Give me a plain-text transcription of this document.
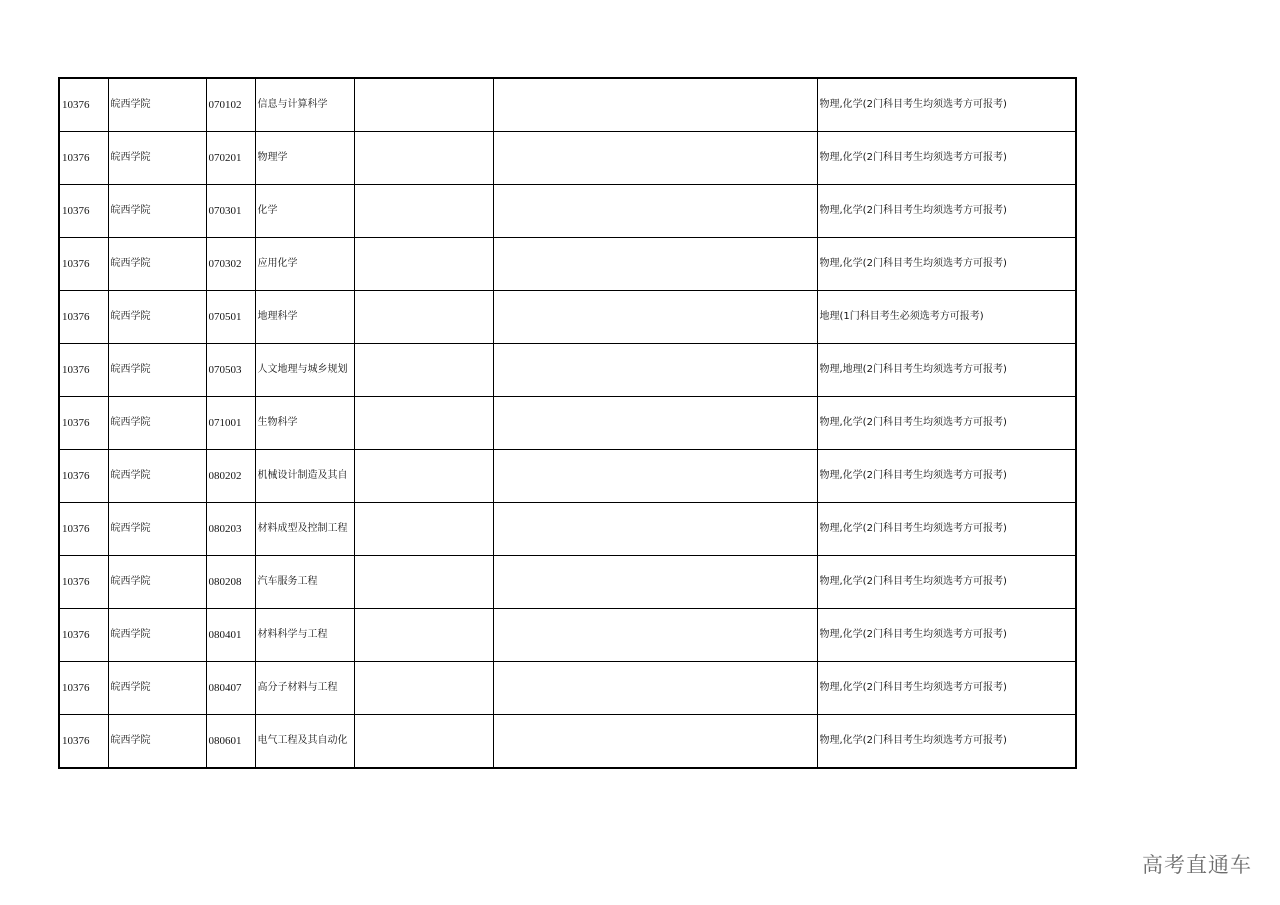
10376	皖西学院	070102	信息与计算科学			物理,化学(2门科目考生均须选考方可报考)
10376	皖西学院	070201	物理学			物理,化学(2门科目考生均须选考方可报考)
10376	皖西学院	070301	化学			物理,化学(2门科目考生均须选考方可报考)
10376	皖西学院	070302	应用化学			物理,化学(2门科目考生均须选考方可报考)
10376	皖西学院	070501	地理科学			地理(1门科目考生必须选考方可报考)
10376	皖西学院	070503	人文地理与城乡规划			物理,地理(2门科目考生均须选考方可报考)
10376	皖西学院	071001	生物科学			物理,化学(2门科目考生均须选考方可报考)
10376	皖西学院	080202	机械设计制造及其自			物理,化学(2门科目考生均须选考方可报考)
10376	皖西学院	080203	材料成型及控制工程			物理,化学(2门科目考生均须选考方可报考)
10376	皖西学院	080208	汽车服务工程			物理,化学(2门科目考生均须选考方可报考)
10376	皖西学院	080401	材料科学与工程			物理,化学(2门科目考生均须选考方可报考)
10376	皖西学院	080407	高分子材料与工程			物理,化学(2门科目考生均须选考方可报考)
10376	皖西学院	080601	电气工程及其自动化			物理,化学(2门科目考生均须选考方可报考)
高考直通车
